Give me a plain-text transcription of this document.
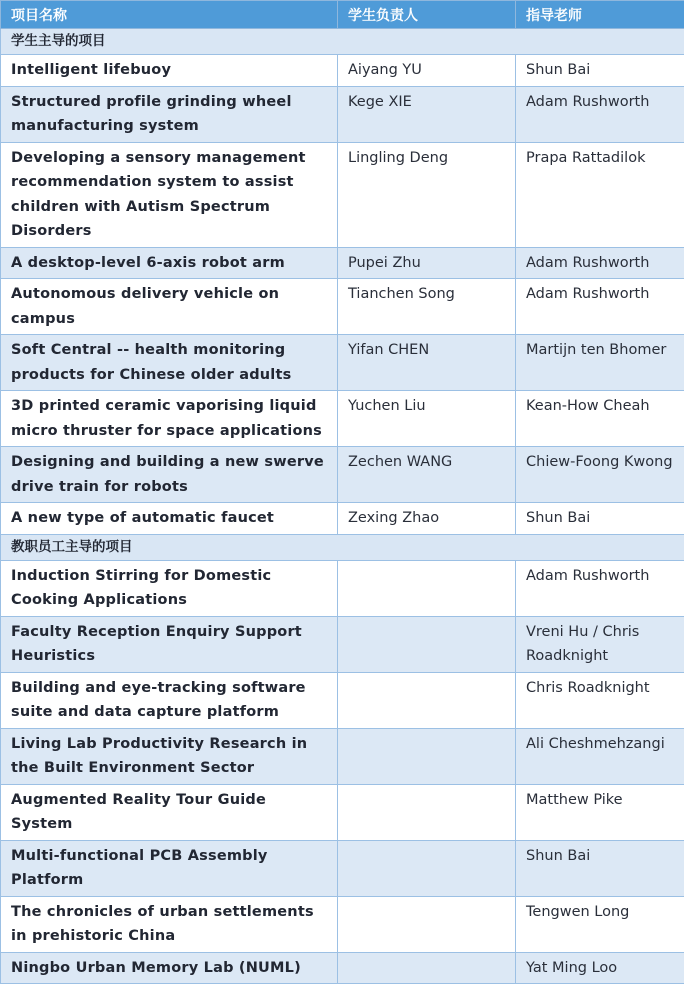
项目名称	学生负责人	指导老师
学生主导的项目		
Intelligent lifebuoy	Aiyang YU	Shun Bai
Structured profile grinding wheel manufacturing system	Kege XIE	Adam Rushworth
Developing a sensory management recommendation system to assist children with Autism Spectrum Disorders	Lingling Deng	Prapa Rattadilok
A desktop-level 6-axis robot arm	Pupei Zhu	Adam Rushworth
Autonomous delivery vehicle on campus	Tianchen Song	Adam Rushworth
Soft Central -- health monitoring products for Chinese older adults	Yifan CHEN	Martijn ten Bhomer
3D printed ceramic vaporising liquid micro thruster for space applications	Yuchen Liu	Kean-How Cheah
Designing and building a new swerve drive train for robots	Zechen WANG	Chiew-Foong Kwong
A new type of automatic faucet	Zexing Zhao	Shun Bai
教职员工主导的项目		
Induction Stirring for Domestic Cooking Applications		Adam Rushworth
Faculty Reception Enquiry Support Heuristics		Vreni Hu / Chris Roadknight
Building and eye-tracking software suite and data capture platform		Chris Roadknight
Living Lab Productivity Research in the Built Environment Sector		Ali Cheshmehzangi
Augmented Reality Tour Guide System		Matthew Pike
Multi-functional PCB Assembly Platform		Shun Bai
The chronicles of urban settlements in prehistoric China		Tengwen Long
Ningbo Urban Memory Lab (NUML)		Yat Ming Loo
